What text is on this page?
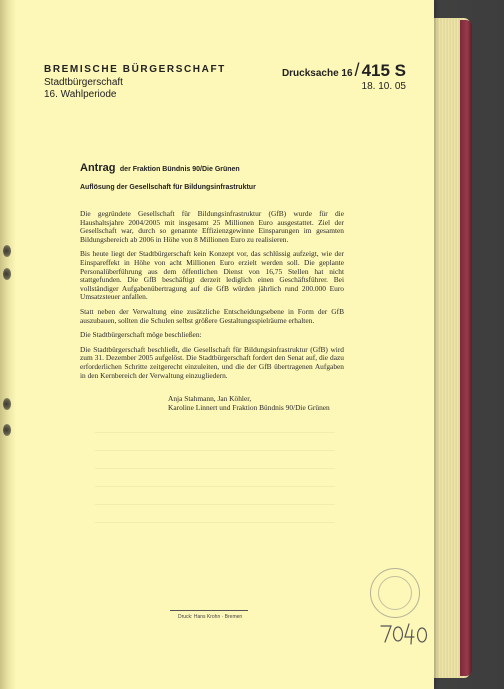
BREMISCHE BÜRGERSCHAFT
Stadtbürgerschaft
16. Wahlperiode
Drucksache 16 / 415 S
18. 10. 05
Antrag der Fraktion Bündnis 90/Die Grünen
Auflösung der Gesellschaft für Bildungsinfrastruktur

Die gegründete Gesellschaft für Bildungsinfrastruktur (GfB) wurde für die Haushaltsjahre 2004/2005 mit insgesamt 25 Millionen Euro ausgestattet. Ziel der Gesellschaft war, durch so genannte Effizienzgewinne Einsparungen im gesamten Bildungsbereich ab 2006 in Höhe von 8 Millionen Euro zu realisieren.

Bis heute liegt der Stadtbürgerschaft kein Konzept vor, das schlüssig aufzeigt, wie der Einspareffekt in Höhe von acht Millionen Euro erzielt werden soll. Die geplante Personalüberführung aus dem öffentlichen Dienst von 16,75 Stellen hat nicht stattgefunden. Die GfB beschäftigt derzeit lediglich einen Geschäftsführer. Bei vollständiger Aufgabenübertragung auf die GfB würden jährlich rund 200.000 Euro Umsatzsteuer anfallen.

Statt neben der Verwaltung eine zusätzliche Entscheidungsebene in Form der GfB auszubauen, sollten die Schulen selbst größere Gestaltungsspielräume erhalten.

Die Stadtbürgerschaft möge beschließen:

Die Stadtbürgerschaft beschließt, die Gesellschaft für Bildungsinfrastruktur (GfB) wird zum 31. Dezember 2005 aufgelöst. Die Stadtbürgerschaft fordert den Senat auf, die dazu erforderlichen Schritte zeitgerecht einzuleiten, und die der GfB übertragenen Aufgaben in den Kernbereich der Verwaltung einzugliedern.

Anja Stahmann, Jan Köhler,
Karoline Linnert und Fraktion Bündnis 90/Die Grünen
Druck: Hans Krohn · Bremen
